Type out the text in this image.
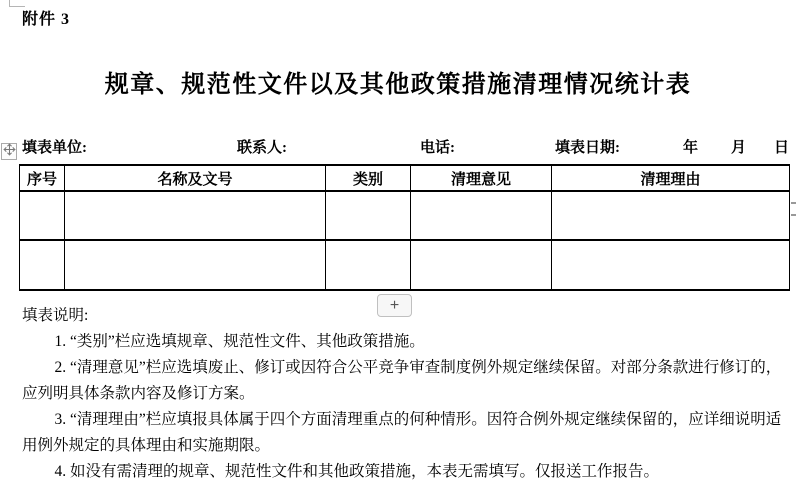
附件 3
规章、规范性文件以及其他政策措施清理情况统计表
填表单位:	联系人:	电话:	填表日期:	年 月 日
序号	名称及文号	类别	清理意见	清理理由

+
填表说明:

1. “类别”栏应选填规章、规范性文件、其他政策措施。

2. “清理意见”栏应选填废止、修订或因符合公平竞争审查制度例外规定继续保留。对部分条款进行修订的，应列明具体条款内容及修订方案。

3. “清理理由”栏应填报具体属于四个方面清理重点的何种情形。因符合例外规定继续保留的，应详细说明适用例外规定的具体理由和实施期限。

4. 如没有需清理的规章、规范性文件和其他政策措施，本表无需填写。仅报送工作报告。
